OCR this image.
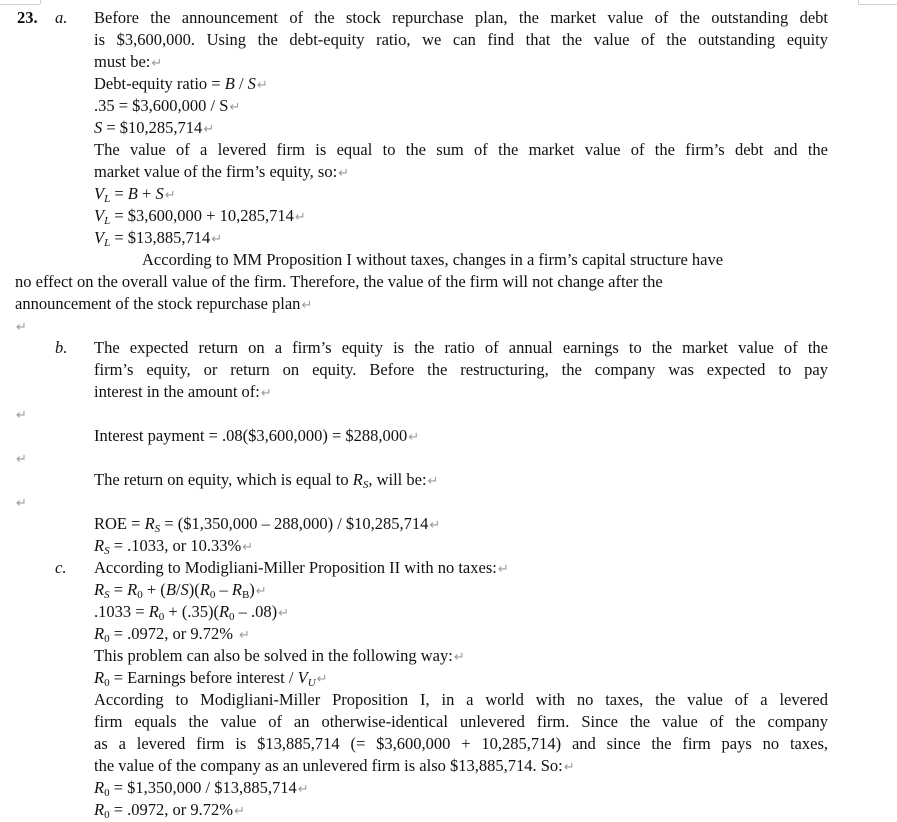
23. a. Before the announcement of the stock repurchase plan, the market value of the outstanding debt
is $3,600,000. Using the debt-equity ratio, we can find that the value of the outstanding equity
must be:↵
Debt-equity ratio = B / S↵
.35 = $3,600,000 / S↵
S = $10,285,714↵
The value of a levered firm is equal to the sum of the market value of the firm’s debt and the
market value of the firm’s equity, so:↵
$V_L = B$ + S↵
$V_L$ = $3,600,000 + 10,285,714↵
$V_L$ = $13,885,714↵
According to MM Proposition I without taxes, changes in a firm’s capital structure have
no effect on the overall value of the firm. Therefore, the value of the firm will not change after the
announcement of the stock repurchase plan↵
↵
b. The expected return on a firm’s equity is the ratio of annual earnings to the market value of the
firm’s equity, or return on equity. Before the restructuring, the company was expected to pay
interest in the amount of:↵
↵
Interest payment = .08($3,600,000) = $288,000↵
↵
The return on equity, which is equal to $R_S$, will be:↵
↵
ROE = $R_S$ = ($1,350,000 – 288,000) / $10,285,714↵
$R_S = .1033$, or 10.33%↵
c. According to Modigliani-Miller Proposition II with no taxes:↵
$R_S = R_0 + (B/S)(R_0$ – $R_B)↵$
$.1033 = R_0 + (.35)(R_0$ – .08)↵
$R_0 = .0972$, or 9.72% ↵
This problem can also be solved in the following way:↵
$R_0$ = Earnings before interest / $V_U↵$
According to Modigliani-Miller Proposition I, in a world with no taxes, the value of a levered
firm equals the value of an otherwise-identical unlevered firm. Since the value of the company
as a levered firm is $13,885,714 (= $3,600,000 + 10,285,714) and since the firm pays no taxes,
the value of the company as an unlevered firm is also $13,885,714. So:↵
$R_0$ = $1,350,000 / $13,885,714↵
$R_0 = .0972$, or 9.72%↵
